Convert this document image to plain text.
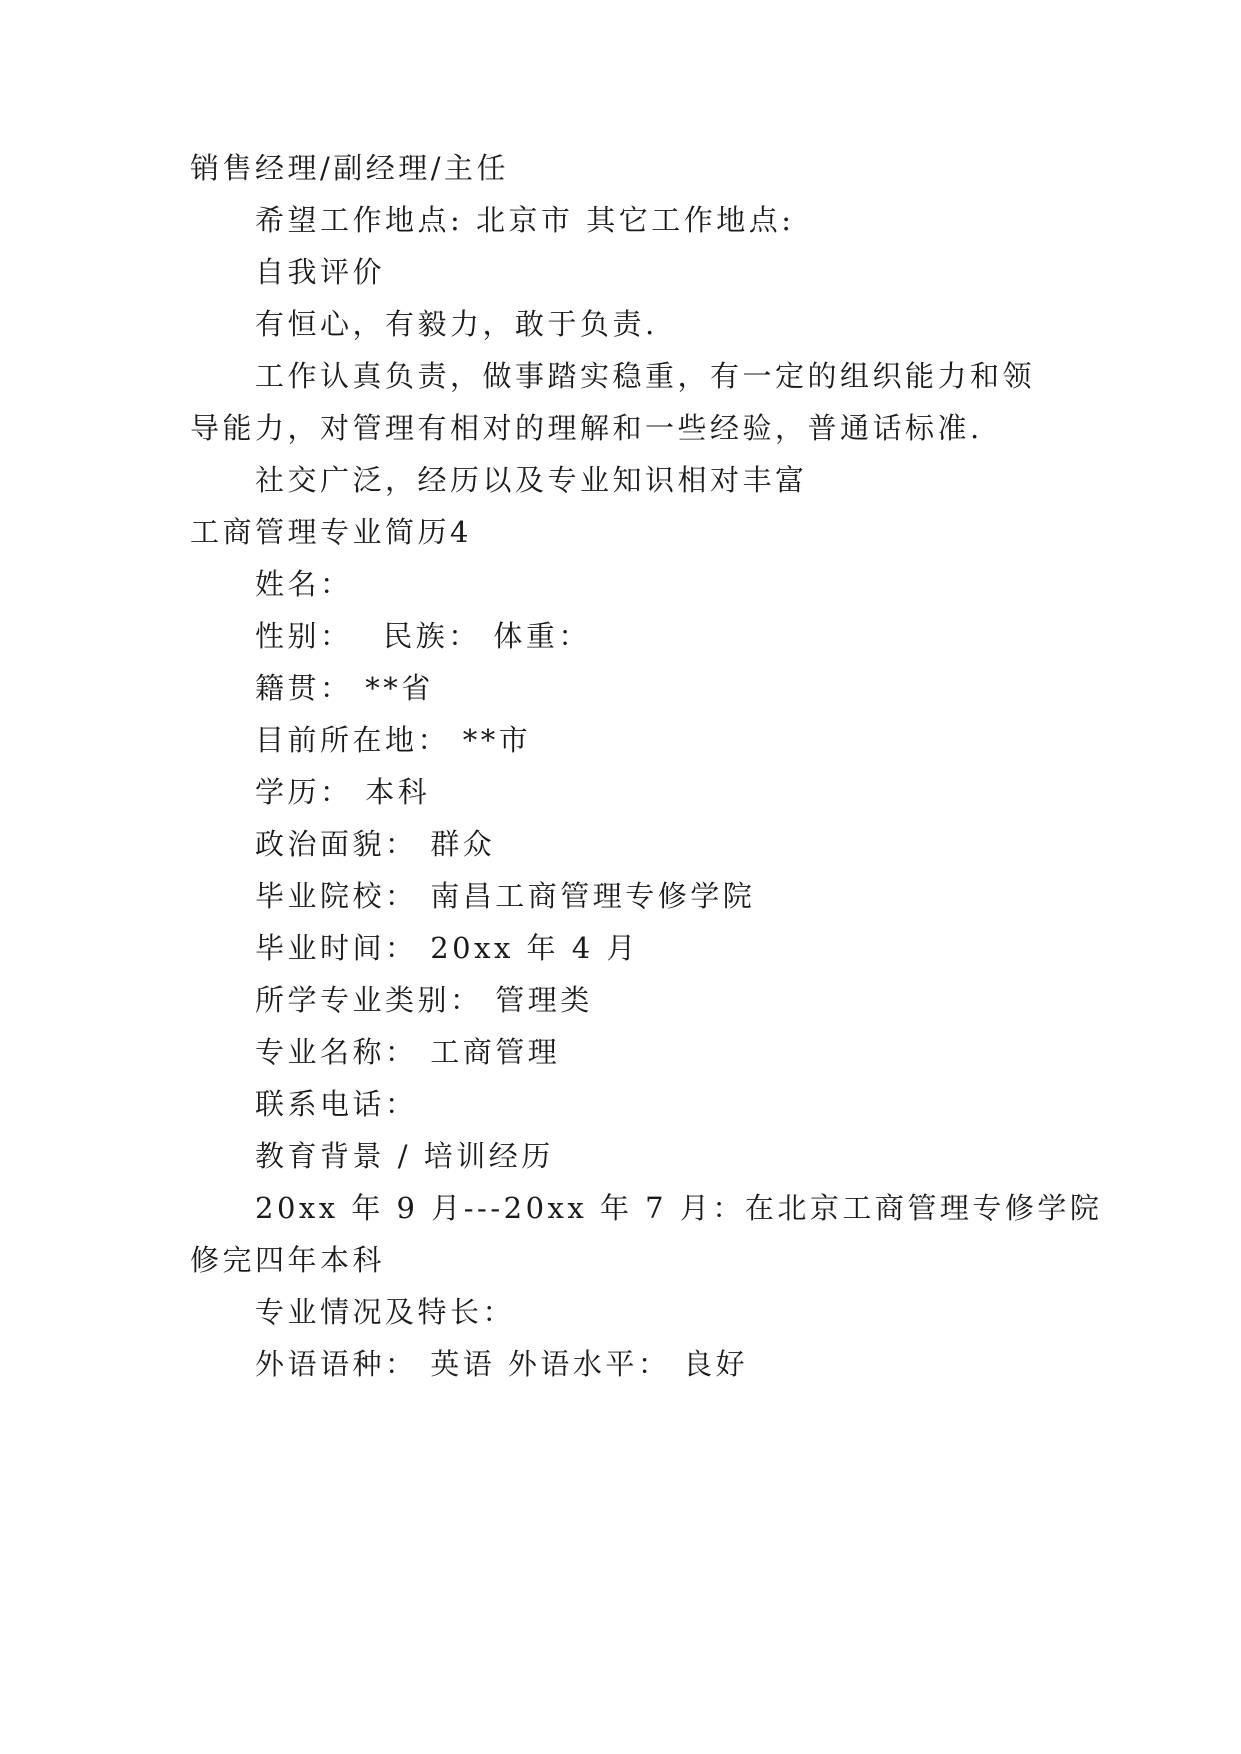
销售经理/副经理/主任
希望工作地点: 北京市 其它工作地点:
自我评价
有恒心，有毅力，敢于负责.
工作认真负责，做事踏实稳重，有一定的组织能力和领
导能力，对管理有相对的理解和一些经验，普通话标准.
社交广泛，经历以及专业知识相对丰富
工商管理专业简历4
姓名：
性别：　 民族： 体重：
籍贯： **省
目前所在地： **市
学历： 本科
政治面貌： 群众
毕业院校： 南昌工商管理专修学院
毕业时间： 20xx 年 4 月
所学专业类别： 管理类
专业名称： 工商管理
联系电话：
教育背景 / 培训经历
20xx 年 9 月---20xx 年 7 月：在北京工商管理专修学院
修完四年本科
专业情况及特长：
外语语种： 英语 外语水平： 良好
